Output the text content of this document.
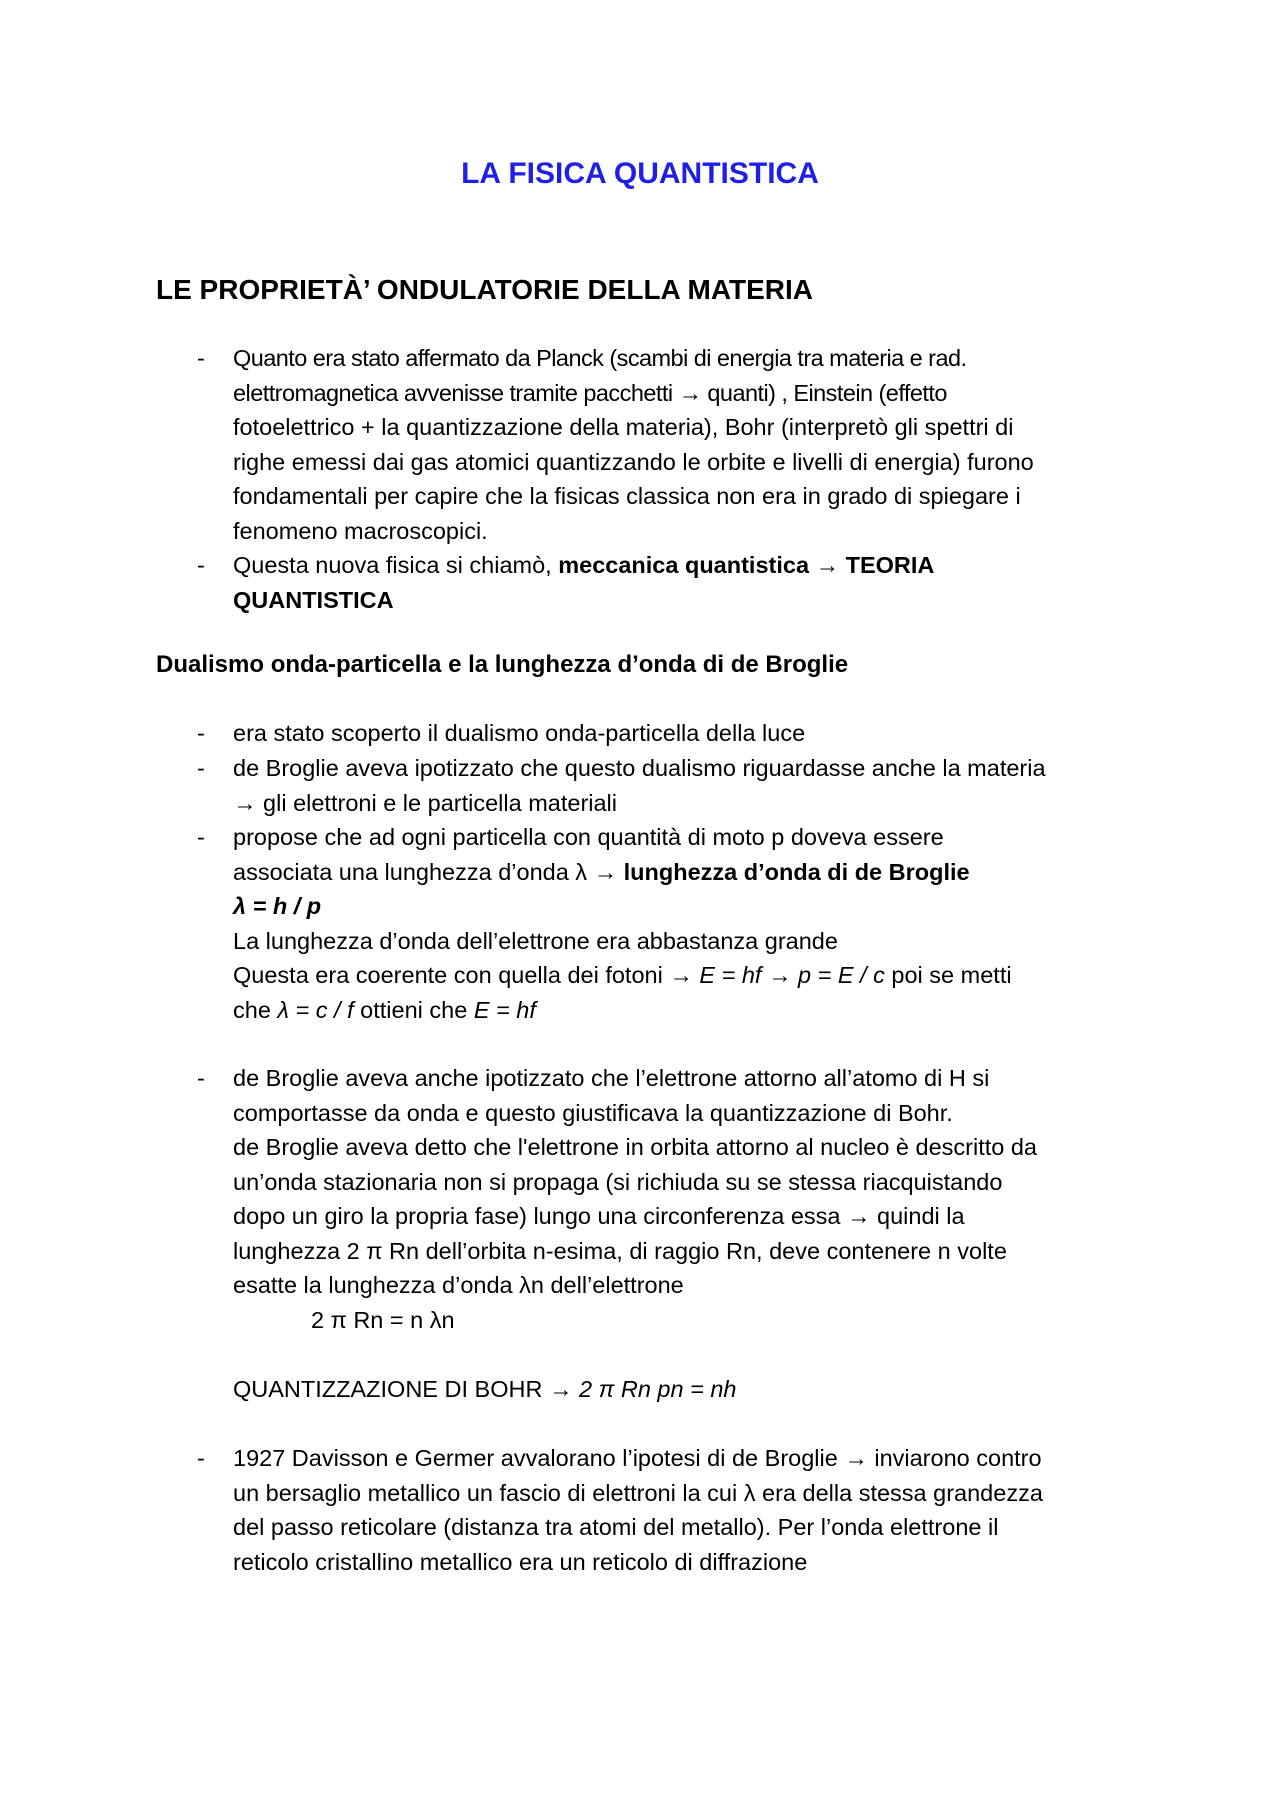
LA FISICA QUANTISTICA
LE PROPRIETÀ’ ONDULATORIE DELLA MATERIA
- Quanto era stato affermato da Planck (scambi di energia tra materia e rad.

elettromagnetica avvenisse tramite pacchetti → quanti) , Einstein (effetto

fotoelettrico + la quantizzazione della materia), Bohr (interpretò gli spettri di

righe emessi dai gas atomici quantizzando le orbite e livelli di energia) furono

fondamentali per capire che la fisicas classica non era in grado di spiegare i

fenomeno macroscopici.

- Questa nuova fisica si chiamò, meccanica quantistica → TEORIA

QUANTISTICA

Dualismo onda-particella e la lunghezza d’onda di de Broglie
- era stato scoperto il dualismo onda-particella della luce

- de Broglie aveva ipotizzato che questo dualismo riguardasse anche la materia

→ gli elettroni e le particella materiali

- propose che ad ogni particella con quantità di moto p doveva essere

associata una lunghezza d’onda λ → lunghezza d’onda di de Broglie

λ = h / p

La lunghezza d’onda dell’elettrone era abbastanza grande

Questa era coerente con quella dei fotoni → E = hf → p = E / c poi se metti

che λ = c / f ottieni che E = hf

- de Broglie aveva anche ipotizzato che l’elettrone attorno all’atomo di H si

comportasse da onda e questo giustificava la quantizzazione di Bohr.

de Broglie aveva detto che l'elettrone in orbita attorno al nucleo è descritto da

un’onda stazionaria non si propaga (si richiuda su se stessa riacquistando

dopo un giro la propria fase) lungo una circonferenza essa → quindi la

lunghezza 2 π Rn dell’orbita n-esima, di raggio Rn, deve contenere n volte

esatte la lunghezza d’onda λn dell’elettrone

2 π Rn = n λn

QUANTIZZAZIONE DI BOHR → 2 π Rn pn = nh

- 1927 Davisson e Germer avvalorano l’ipotesi di de Broglie → inviarono contro

un bersaglio metallico un fascio di elettroni la cui λ era della stessa grandezza

del passo reticolare (distanza tra atomi del metallo). Per l’onda elettrone il

reticolo cristallino metallico era un reticolo di diffrazione
